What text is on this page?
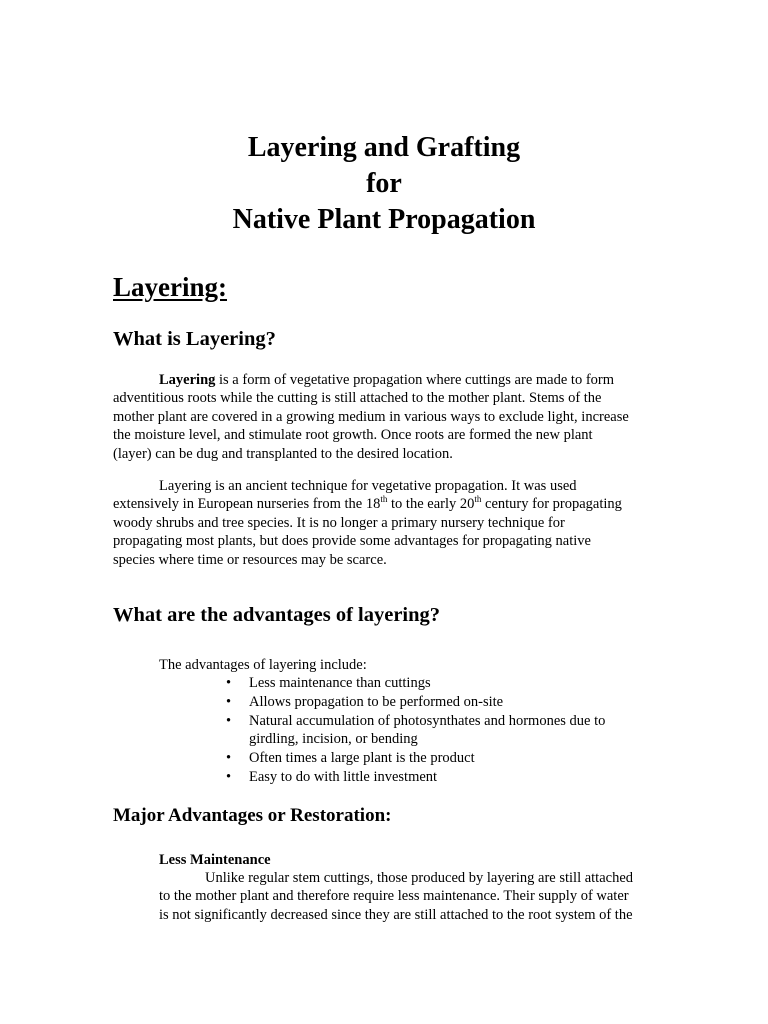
Layering and Grafting
for
Native Plant Propagation
Layering:
What is Layering?

Layering is a form of vegetative propagation where cuttings are made to form
adventitious roots while the cutting is still attached to the mother plant. Stems of the
mother plant are covered in a growing medium in various ways to exclude light, increase
the moisture level, and stimulate root growth. Once roots are formed the new plant
(layer) can be dug and transplanted to the desired location.

Layering is an ancient technique for vegetative propagation. It was used
extensively in European nurseries from the 18th to the early 20th century for propagating
woody shrubs and tree species. It is no longer a primary nursery technique for
propagating most plants, but does provide some advantages for propagating native
species where time or resources may be scarce.

What are the advantages of layering?

The advantages of layering include:

• Less maintenance than cuttings
• Allows propagation to be performed on-site
• Natural accumulation of photosynthates and hormones due to girdling, incision, or bending
• Often times a large plant is the product
• Easy to do with little investment
Major Advantages or Restoration:

Less Maintenance

Unlike regular stem cuttings, those produced by layering are still attached
to the mother plant and therefore require less maintenance. Their supply of water
is not significantly decreased since they are still attached to the root system of the
